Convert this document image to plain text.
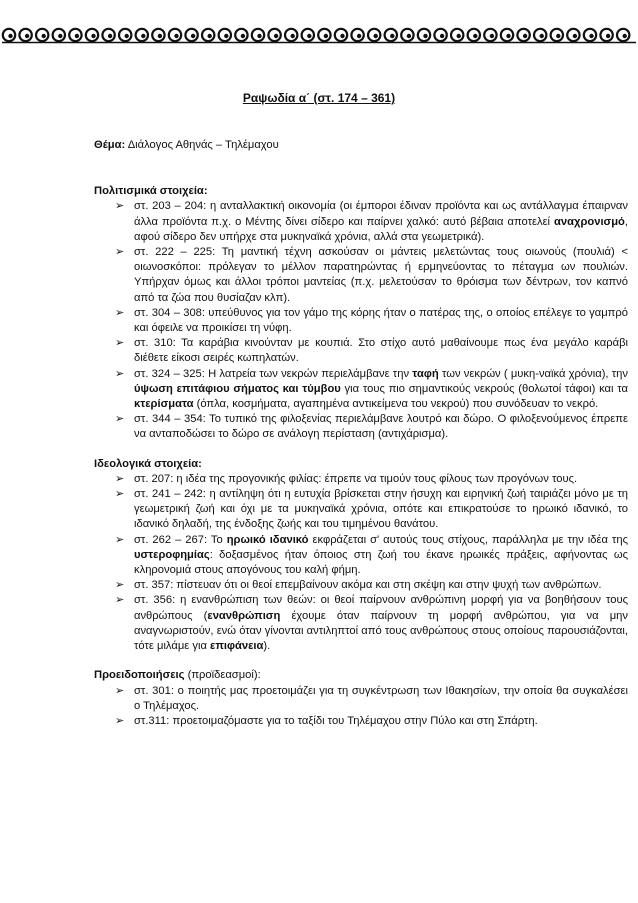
Ραψωδία α΄ (στ. 174 – 361)
Θέμα: Διάλογος Αθηνάς – Τηλέμαχου
Πολιτισμικά στοιχεία:
➢ στ. 203 – 204: η ανταλλακτική οικονομία (οι έμποροι έδιναν προϊόντα και ως αντάλλαγμα έπαιρναν άλλα προϊόντα π.χ. ο Μέντης δίνει σίδερο και παίρνει χαλκό: αυτό βέβαια αποτελεί αναχρονισμό, αφού σίδερο δεν υπήρχε στα μυκηναϊκά χρόνια, αλλά στα γεωμετρικά).
➢ στ. 222 – 225: Τη μαντική τέχνη ασκούσαν οι μάντεις μελετώντας τους οιωνούς (πουλιά) < οιωνοσκόποι: πρόλεγαν το μέλλον παρατηρώντας ή ερμηνεύοντας το πέταγμα ων πουλιών. Υπήρχαν όμως και άλλοι τρόποι μαντείας (π.χ. μελετούσαν το θρόισμα των δέντρων, τον καπνό από τα ζώα που θυσίαζαν κλπ).
➢ στ. 304 – 308: υπεύθυνος για τον γάμο της κόρης ήταν ο πατέρας της, ο οποίος επέλεγε το γαμπρό και όφειλε να προικίσει τη νύφη.
➢ στ. 310: Τα καράβια κινούνταν με κουπιά. Στο στίχο αυτό μαθαίνουμε πως ένα μεγάλο καράβι διέθετε είκοσι σειρές κωπηλατών.
➢ στ. 324 – 325: Η λατρεία των νεκρών περιελάμβανε την ταφή των νεκρών ( μυκη-ναϊκά χρόνια), την ύψωση επιτάφιου σήματος και τύμβου για τους πιο σημαντικούς νεκρούς (θολωτοί τάφοι) και τα κτερίσματα (όπλα, κοσμήματα, αγαπημένα αντικείμενα του νεκρού) που συνόδευαν το νεκρό.
➢ στ. 344 – 354: Το τυπικό της φιλοξενίας περιελάμβανε λουτρό και δώρο. Ο φιλοξενούμενος έπρεπε να ανταποδώσει το δώρο σε ανάλογη περίσταση (αντιχάρισμα).
Ιδεολογικά στοιχεία:
➢ στ. 207: η ιδέα της προγονικής φιλίας: έπρεπε να τιμούν τους φίλους των προγόνων τους.
➢ στ. 241 – 242: η αντίληψη ότι η ευτυχία βρίσκεται στην ήσυχη και ειρηνική ζωή ταιριάζει μόνο με τη γεωμετρική ζωή και όχι με τα μυκηναϊκά χρόνια, οπότε και επικρατούσε το ηρωικό ιδανικό, το ιδανικό δηλαδή, της ένδοξης ζωής και του τιμημένου θανάτου.
➢ στ. 262 – 267: Το ηρωικό ιδανικό εκφράζεται σ' αυτούς τους στίχους, παράλληλα με την ιδέα της υστεροφημίας: δοξασμένος ήταν όποιος στη ζωή του έκανε ηρωικές πράξεις, αφήνοντας ως κληρονομιά στους απογόνους του καλή φήμη.
➢ στ. 357: πίστευαν ότι οι θεοί επεμβαίνουν ακόμα και στη σκέψη και στην ψυχή των ανθρώπων.
➢ στ. 356: η ενανθρώπιση των θεών: οι θεοί παίρνουν ανθρώπινη μορφή για να βοηθήσουν τους ανθρώπους (ενανθρώπιση έχουμε όταν παίρνουν τη μορφή ανθρώπου, για να μην αναγνωριστούν, ενώ όταν γίνονται αντιληπτοί από τους ανθρώπους στους οποίους παρουσιάζονται, τότε μιλάμε για επιφάνεια).
Προειδοποιήσεις (προϊδεασμοί):
➢ στ. 301: ο ποιητής μας προετοιμάζει για τη συγκέντρωση των Ιθακησίων, την οποία θα συγκαλέσει ο Τηλέμαχος.
➢ στ.311: προετοιμαζόμαστε για το ταξίδι του Τηλέμαχου στην Πύλο και στη Σπάρτη.
